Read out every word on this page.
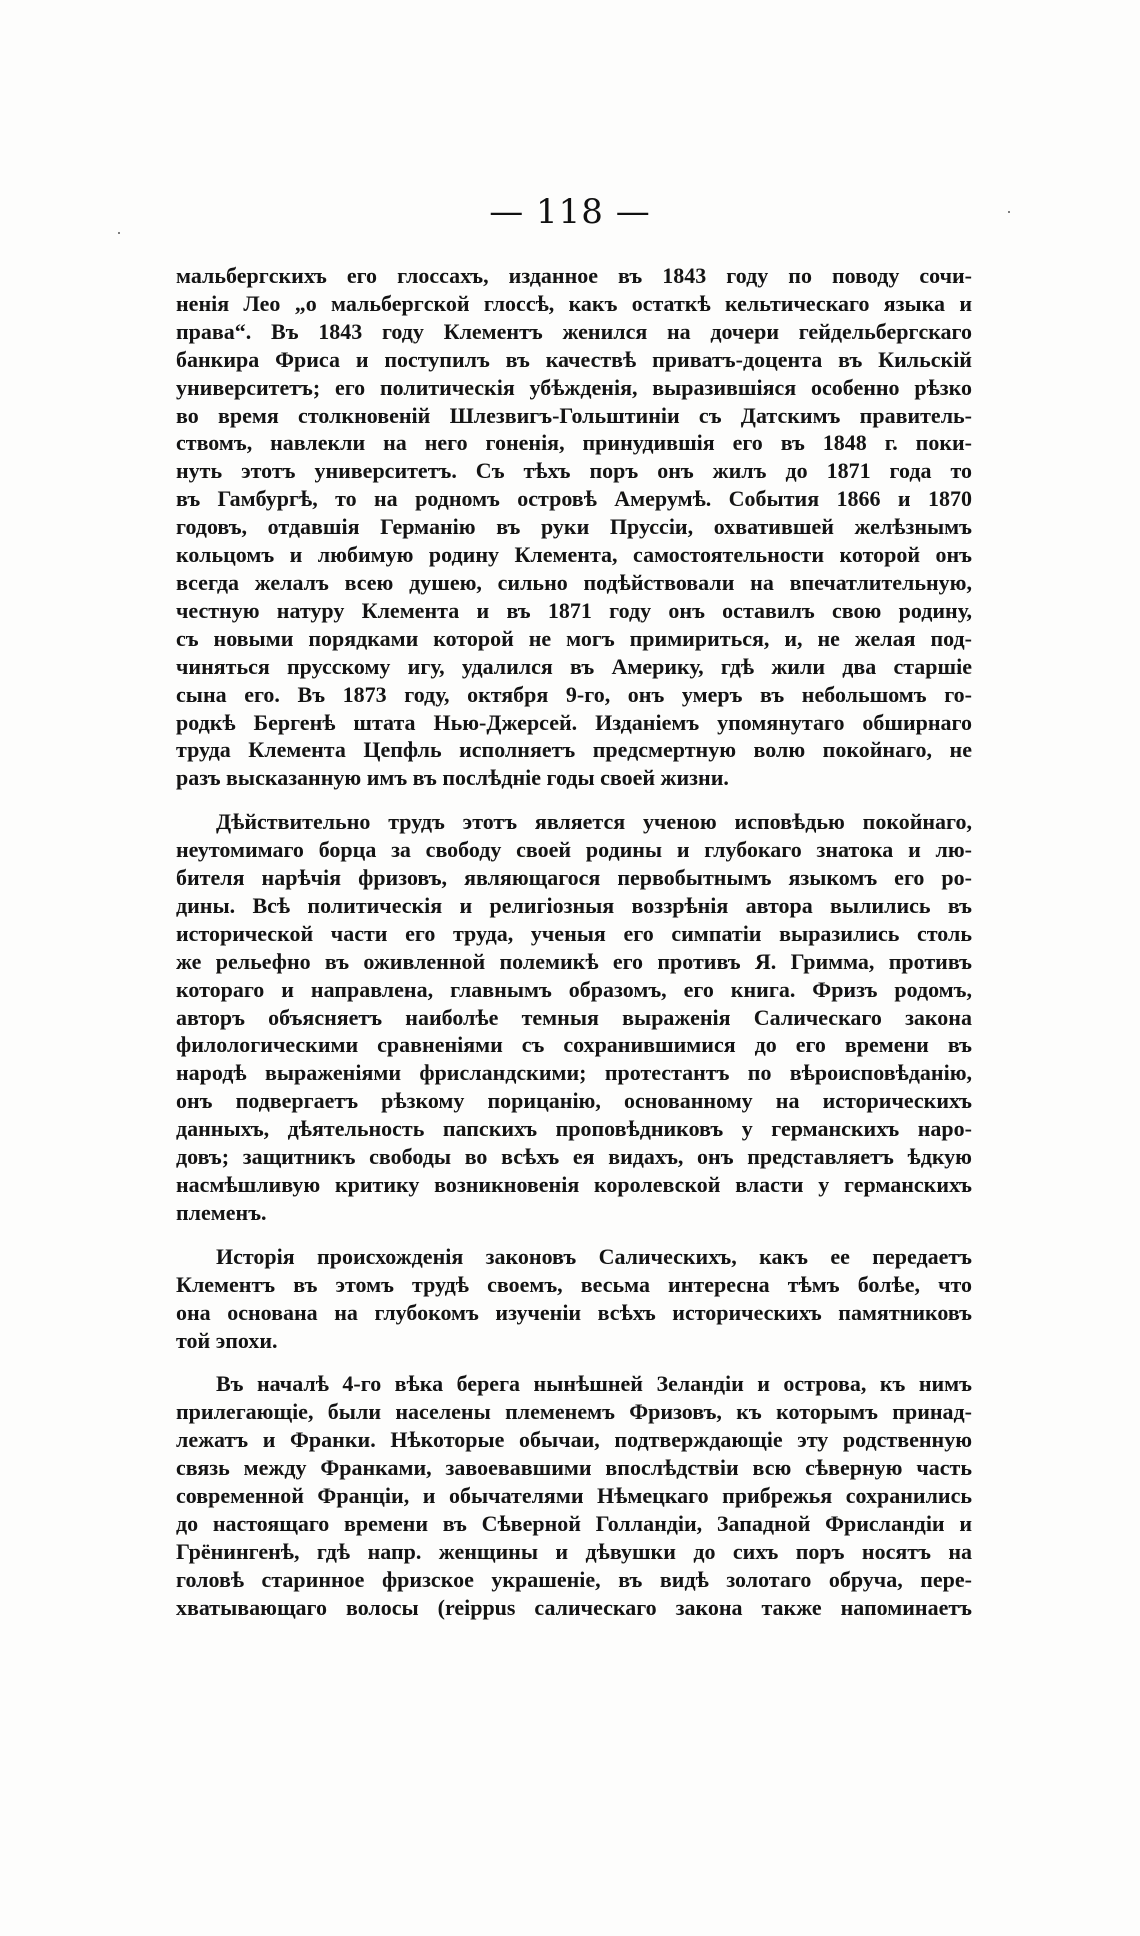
— 118 —
мальбергскихъ его глоссахъ, изданное въ 1843 году по поводу сочи-
ненія Лео „о мальбергской глоссѣ, какъ остаткѣ кельтическаго языка и
права“. Въ 1843 году Клементъ женился на дочери гейдельбергскаго
банкира Фриса и поступилъ въ качествѣ приватъ-доцента въ Кильскій
университетъ; его политическія убѣжденія, выразившіяся особенно рѣзко
во время столкновеній Шлезвигъ-Гольштиніи съ Датскимъ правитель-
ствомъ, навлекли на него гоненія, принудившія его въ 1848 г. поки-
нуть этотъ университетъ. Съ тѣхъ поръ онъ жилъ до 1871 года то
въ Гамбургѣ, то на родномъ островѣ Амерумѣ. События 1866 и 1870
годовъ, отдавшія Германію въ руки Пруссіи, охватившей желѣзнымъ
кольцомъ и любимую родину Клемента, самостоятельности которой онъ
всегда желалъ всею душею, сильно подѣйствовали на впечатлительную,
честную натуру Клемента и въ 1871 году онъ оставилъ свою родину,
съ новыми порядками которой не могъ примириться, и, не желая под-
чиняться прусскому игу, удалился въ Америку, гдѣ жили два старшіе
сына его. Въ 1873 году, октября 9-го, онъ умеръ въ небольшомъ го-
родкѣ Бергенѣ штата Нью-Джерсей. Изданіемъ упомянутаго обширнаго
труда Клемента Цепфль исполняетъ предсмертную волю покойнаго, не
разъ высказанную имъ въ послѣдніе годы своей жизни.
Дѣйствительно трудъ этотъ является ученою исповѣдью покойнаго,
неутомимаго борца за свободу своей родины и глубокаго знатока и лю-
бителя нарѣчія фризовъ, являющагося первобытнымъ языкомъ его ро-
дины. Всѣ политическія и религіозныя воззрѣнія автора вылились въ
исторической части его труда, ученыя его симпатіи выразились столь
же рельефно въ оживленной полемикѣ его противъ Я. Гримма, противъ
котораго и направлена, главнымъ образомъ, его книга. Фризъ родомъ,
авторъ объясняетъ наиболѣе темныя выраженія Салическаго закона
филологическими сравненіями съ сохранившимися до его времени въ
народѣ выраженіями фрисландскими; протестантъ по вѣроисповѣданію,
онъ подвергаетъ рѣзкому порицанію, основанному на историческихъ
данныхъ, дѣятельность папскихъ проповѣдниковъ у германскихъ наро-
довъ; защитникъ свободы во всѣхъ ея видахъ, онъ представляетъ ѣдкую
насмѣшливую критику возникновенія королевской власти у германскихъ
племенъ.
Исторія происхожденія законовъ Салическихъ, какъ ее передаетъ
Клементъ въ этомъ трудѣ своемъ, весьма интересна тѣмъ болѣе, что
она основана на глубокомъ изученіи всѣхъ историческихъ памятниковъ
той эпохи.
Въ началѣ 4-го вѣка берега нынѣшней Зеландіи и острова, къ нимъ
прилегающіе, были населены племенемъ Фризовъ, къ которымъ принад-
лежатъ и Франки. Нѣкоторые обычаи, подтверждающіе эту родственную
связь между Франками, завоевавшими впослѣдствіи всю сѣверную часть
современной Франціи, и обычателями Нѣмецкаго прибрежья сохранились
до настоящаго времени въ Сѣверной Голландіи, Западной Фрисландіи и
Грёнингенѣ, гдѣ напр. женщины и дѣвушки до сихъ поръ носятъ на
головѣ старинное фризское украшеніе, въ видѣ золотаго обруча, пере-
хватывающаго волосы (reippus салическаго закона также напоминаетъ
